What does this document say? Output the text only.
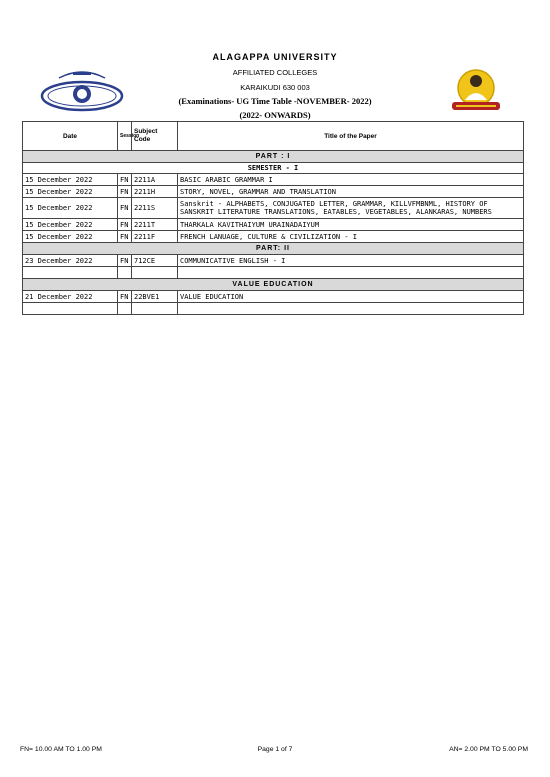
ALAGAPPA UNIVERSITY
AFFILIATED COLLEGES
KARAIKUDI 630 003
(Examinations- UG Time Table -NOVEMBER- 2022)
(2022- ONWARDS)
Date	Session	Subject Code	Title of the Paper
PART : I			
SEMESTER - I			
15 December 2022	FN	2211A	BASIC ARABIC GRAMMAR I
15 December 2022	FN	2211H	STORY, NOVEL, GRAMMAR AND TRANSLATION
15 December 2022	FN	2211S	Sanskrit - ALPHABETS, CONJUGATED LETTER, GRAMMAR, KILLVFMBNML, HISTORY OF SANSKRIT LITERATURE TRANSLATIONS, EATABLES, VEGETABLES, ALANKARAS, NUMBERS
15 December 2022	FN	2211T	THARKALA KAVITHAIYUM URAINADAIYUM
15 December 2022	FN	2211F	FRENCH LANUAGE, CULTURE & CIVILIZATION - I
PART: II			
23 December 2022	FN	712CE	COMMUNICATIVE ENGLISH - I

VALUE EDUCATION			
21 December 2022	FN	22BVE1	VALUE EDUCATION

FN= 10.00 AM TO 1.00 PM	Page 1 of 7	AN= 2.00 PM TO 5.00 PM
